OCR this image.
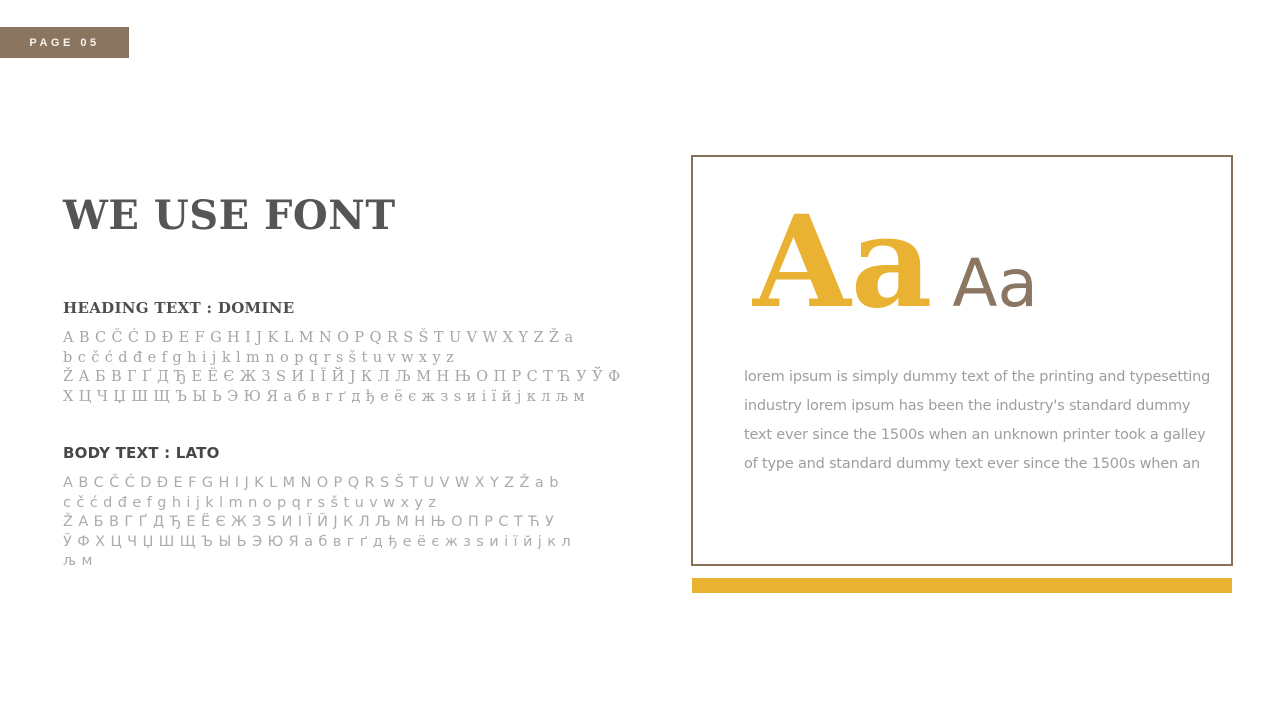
PAGE 05
WE USE FONT
HEADING TEXT : DOMINE
A B C Č Ć D Đ E F G H I J K L M N O P Q R S Š T U V W X Y Z Ž a
b c č ć d đ e f g h i j k l m n o p q r s š t u v w x y z
Ž А Б В Г Ґ Д Ђ Е Ё Є Ж З Ѕ И І Ї Й Ј К Л Љ М Н Њ О П Р С Т Ћ У Ў Ф
Х Ц Ч Џ Ш Щ Ъ Ы Ь Э Ю Я а б в г ґ д ђ е ё є ж з ѕ и і ї й ј к л љ м
BODY TEXT : LATO
A B C Č Ć D Đ E F G H I J K L M N O P Q R S Š T U V W X Y Z Ž a b
c č ć d đ e f g h i j k l m n o p q r s š t u v w x y z
Ž А Б В Г Ґ Д Ђ Е Ё Є Ж З Ѕ И І Ї Й Ј К Л Љ М Н Њ О П Р С Т Ћ У
Ў Ф Х Ц Ч Џ Ш Щ Ъ Ы Ь Э Ю Я а б в г ґ д ђ е ё є ж з ѕ и і ї й ј к л
љ м
Aa Aa
lorem ipsum is simply dummy text of the printing and typesetting
industry lorem ipsum has been the industry's standard dummy
text ever since the 1500s when an unknown printer took a galley
of type and standard dummy text ever since the 1500s when an
